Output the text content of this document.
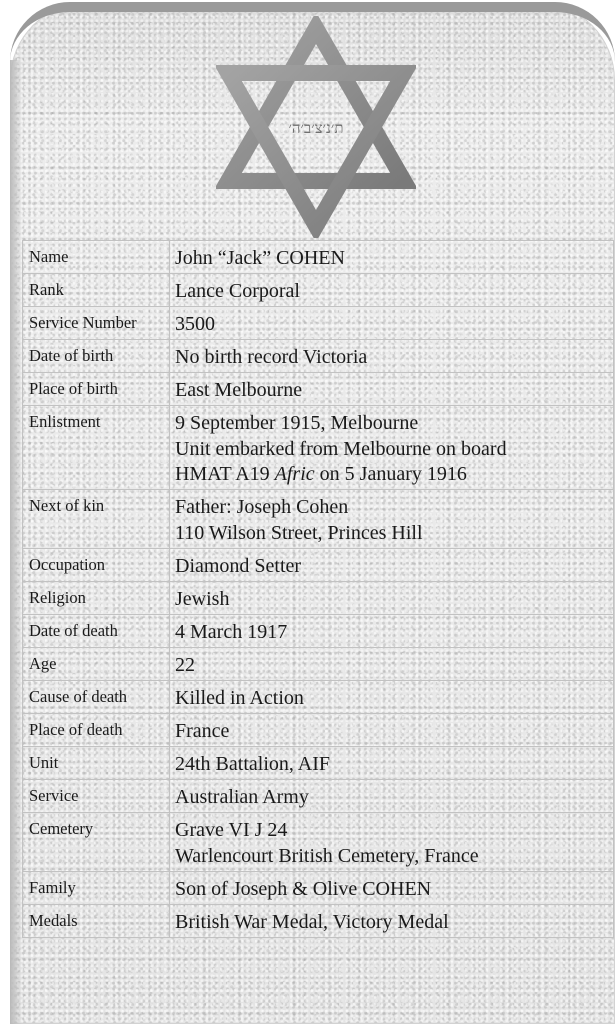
ת׳נ׳צ׳ב׳ה׳
Name	John “Jack” COHEN
Rank	Lance Corporal
Service Number	3500
Date of birth	No birth record Victoria
Place of birth	East Melbourne
Enlistment	9 September 1915, Melbourne
Unit embarked from Melbourne on board
HMAT A19 Afric on 5 January 1916

Next of kin	Father: Joseph Cohen
110 Wilson Street, Princes Hill

Occupation	Diamond Setter
Religion	Jewish
Date of death	4 March 1917
Age	22
Cause of death	Killed in Action
Place of death	France
Unit	24th Battalion, AIF
Service	Australian Army
Cemetery	Grave VI J 24
Warlencourt British Cemetery, France

Family	Son of Joseph & Olive COHEN
Medals	British War Medal, Victory Medal
